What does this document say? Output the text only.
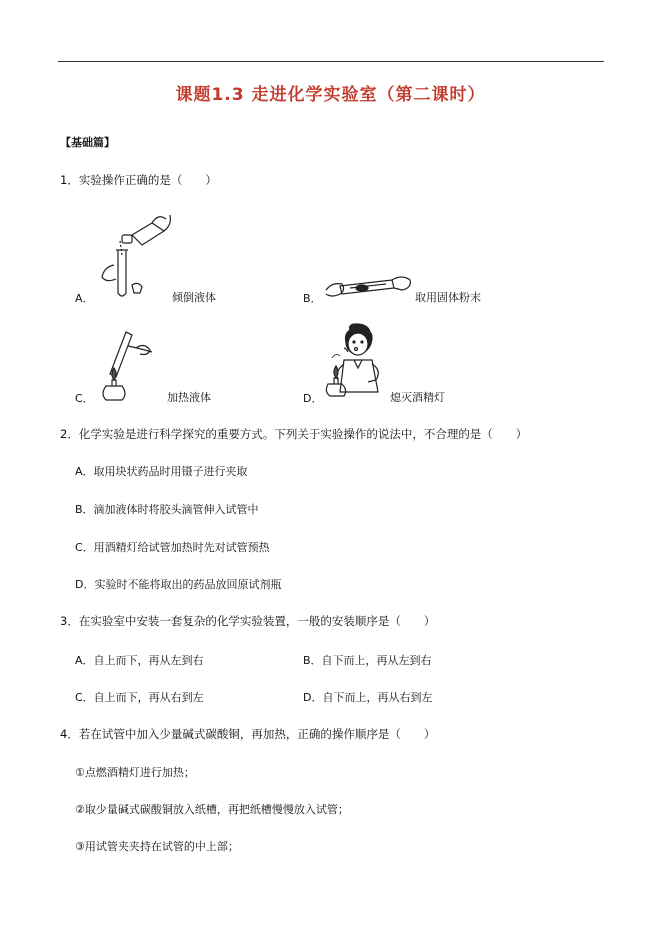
课题1.3 走进化学实验室（第二课时）
【基础篇】
1．实验操作正确的是（　　）
A．	倾倒液体	B．	取用固体粉末
C．	加热液体	D．	熄灭酒精灯
2．化学实验是进行科学探究的重要方式。下列关于实验操作的说法中，不合理的是（　　）
A．取用块状药品时用镊子进行夹取
B．滴加液体时将胶头滴管伸入试管中
C．用酒精灯给试管加热时先对试管预热
D．实验时不能将取出的药品放回原试剂瓶
3．在实验室中安装一套复杂的化学实验装置，一般的安装顺序是（　　）
A．自上而下，再从左到右	B．自下而上，再从左到右
C．自上而下，再从右到左	D．自下而上，再从右到左
4．若在试管中加入少量碱式碳酸铜，再加热，正确的操作顺序是（　　）
①点燃酒精灯进行加热；
②取少量碱式碳酸铜放入纸槽，再把纸槽慢慢放入试管；
③用试管夹夹持在试管的中上部；
